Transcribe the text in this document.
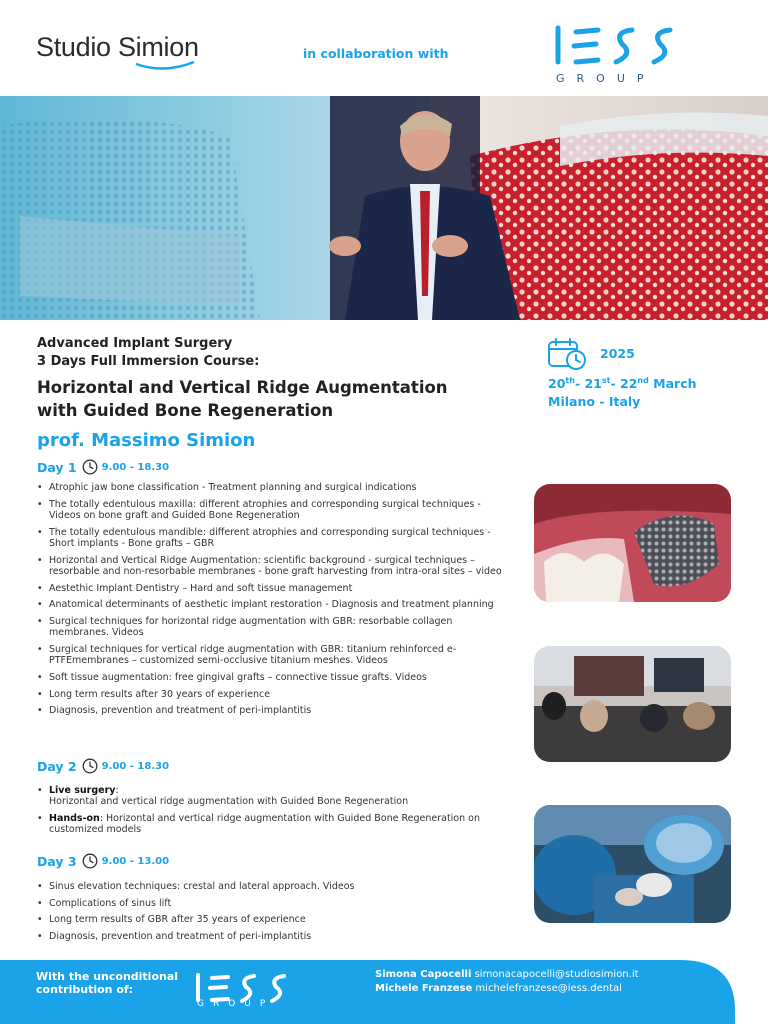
Studio Simion	in collaboration with
GROUP
Advanced Implant Surgery
3 Days Full Immersion Course:
Horizontal and Vertical Ridge Augmentation
with Guided Bone Regeneration
prof. Massimo Simion
2025
20th- 21st- 22nd March
Milano - Italy
Day 1	9.00 - 18.30
• Atrophic jaw bone classification - Treatment planning and surgical indications
• The totally edentulous maxilla: different atrophies and corresponding surgical techniques - Videos on bone graft and Guided Bone Regeneration
• The totally edentulous mandible: different atrophies and corresponding surgical techniques - Short implants - Bone grafts – GBR
• Horizontal and Vertical Ridge Augmentation: scientific background - surgical techniques – resorbable and non-resorbable membranes - bone graft harvesting from intra-oral sites – video
• Aestethic Implant Dentistry – Hard and soft tissue management
• Anatomical determinants of aesthetic implant restoration - Diagnosis and treatment planning
• Surgical techniques for horizontal ridge augmentation with GBR: resorbable collagen membranes. Videos
• Surgical techniques for vertical ridge augmentation with GBR: titanium rehinforced e-PTFEmembranes – customized semi-occlusive titanium meshes. Videos
• Soft tissue augmentation: free gingival grafts – connective tissue grafts. Videos
• Long term results after 30 years of experience
• Diagnosis, prevention and treatment of peri-implantitis
Day 2	9.00 - 18.30
• Live surgery:
Horizontal and vertical ridge augmentation with Guided Bone Regeneration
• Hands-on: Horizontal and vertical ridge augmentation with Guided Bone Regeneration on customized models
Day 3	9.00 - 13.00
• Sinus elevation techniques: crestal and lateral approach. Videos
• Complications of sinus lift
• Long term results of GBR after 35 years of experience
• Diagnosis, prevention and treatment of peri-implantitis
With the unconditional
contribution of:
GROUP
Simona Capocelli simonacapocelli@studiosimion.it
Michele Franzese michelefranzese@iess.dental
